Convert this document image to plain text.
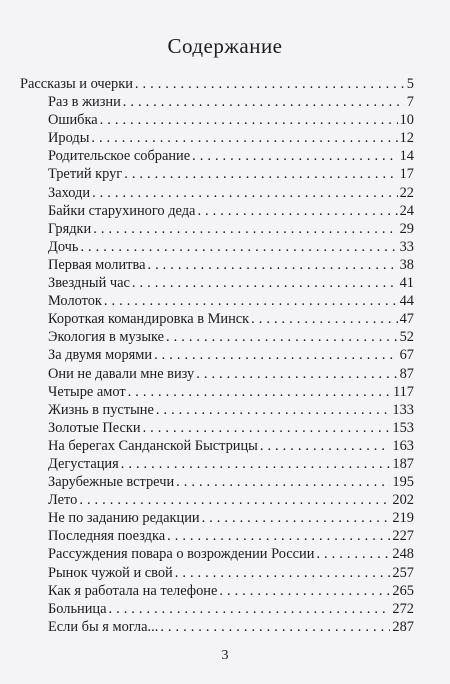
Содержание
Рассказы и очерки . . .	5
Раз в жизни . . .	7
Ошибка . . .	10
Ироды . . .	12
Родительское собрание . . .	14
Третий круг . . .	17
Заходи . . .	22
Байки старухиного деда . . .	24
Грядки . . .	29
Дочь . . .	33
Первая молитва . . .	38
Звездный час . . .	41
Молоток . . .	44
Короткая командировка в Минск . . .	47
Экология в музыке . . .	52
За двумя морями . . .	67
Они не давали мне визу . . .	87
Четыре амот . . .	117
Жизнь в пустыне . . .	133
Золотые Пески . . .	153
На берегах Санданской Быстрицы . . .	163
Дегустация . . .	187
Зарубежные встречи . . .	195
Лето . . .	202
Не по заданию редакции . . .	219
Последняя поездка . . .	227
Рассуждения повара о возрождении России . . .	248
Рынок чужой и свой . . .	257
Как я работала на телефоне . . .	265
Больница . . .	272
Если бы я могла... . . .	287
3
